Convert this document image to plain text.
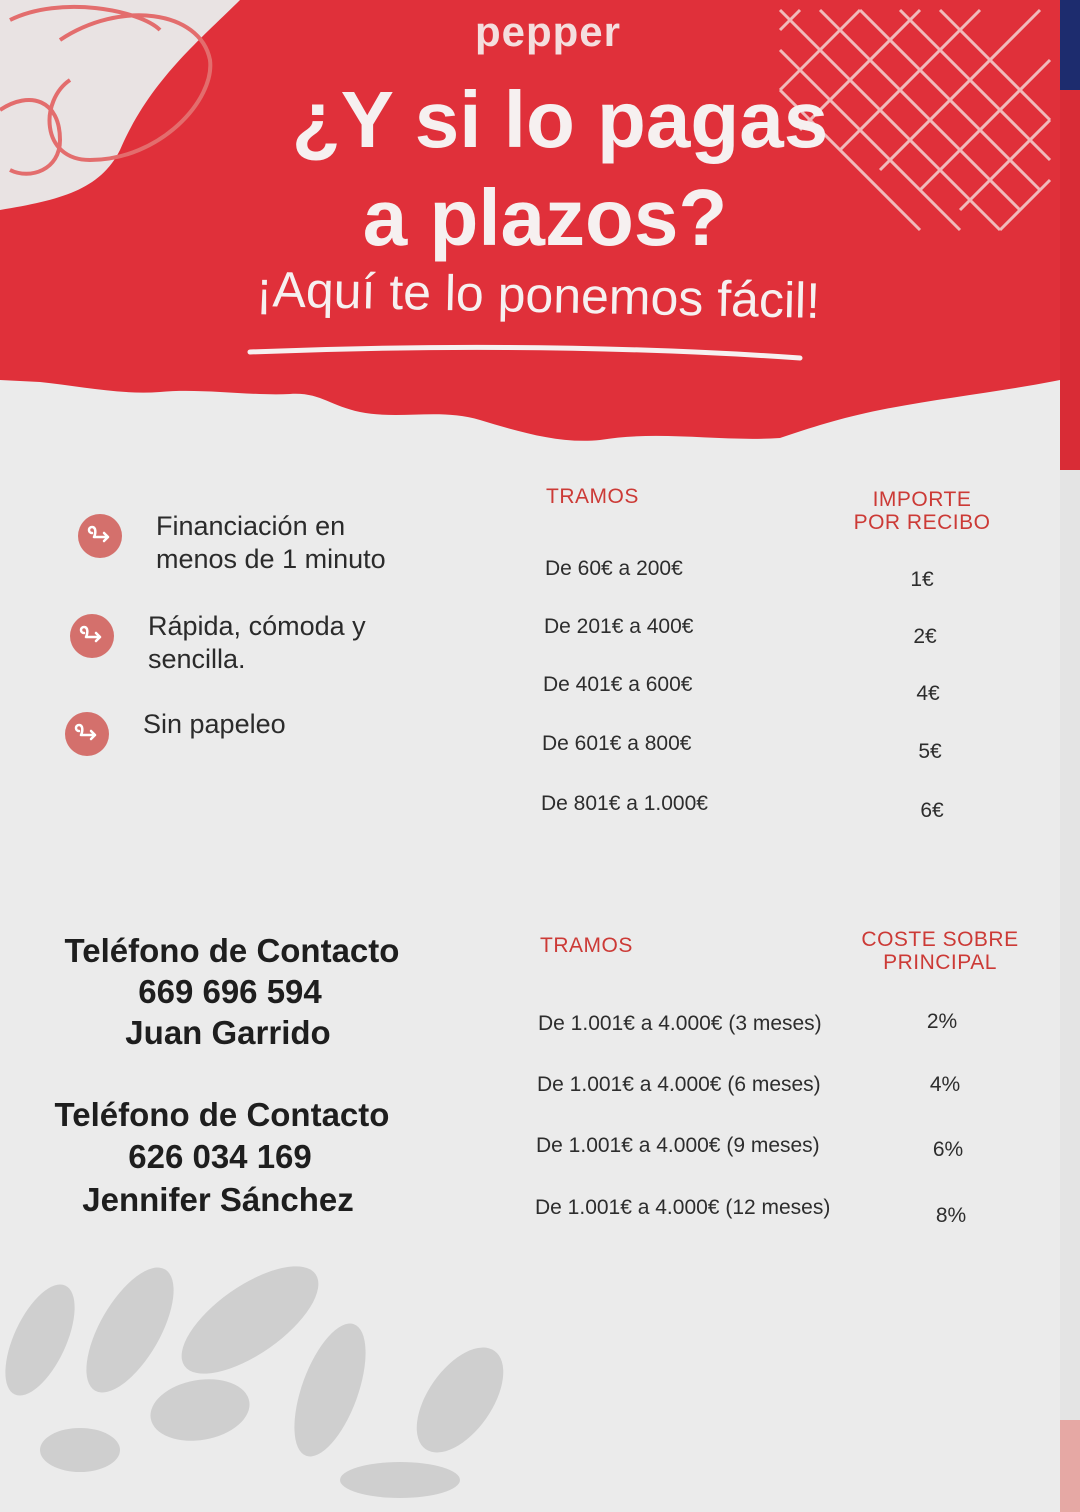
pepper
¿Y si lo pagas
a plazos?
¡Aquí te lo ponemos fácil!
Financiación en
menos de 1 minuto
Rápida, cómoda y
sencilla.
Sin papeleo
TRAMOS	IMPORTE
POR RECIBO
De 60€ a 200€	1€
De 201€ a 400€	2€
De 401€ a 600€	4€
De 601€ a 800€	5€
De 801€ a 1.000€	6€
TRAMOS	COSTE SOBRE
PRINCIPAL
De 1.001€ a 4.000€ (3 meses)	2%
De 1.001€ a 4.000€ (6 meses)	4%
De 1.001€ a 4.000€ (9 meses)	6%
De 1.001€ a 4.000€ (12 meses)	8%
Teléfono de Contacto
669 696 594
Juan Garrido
Teléfono de Contacto
626 034 169
Jennifer Sánchez
